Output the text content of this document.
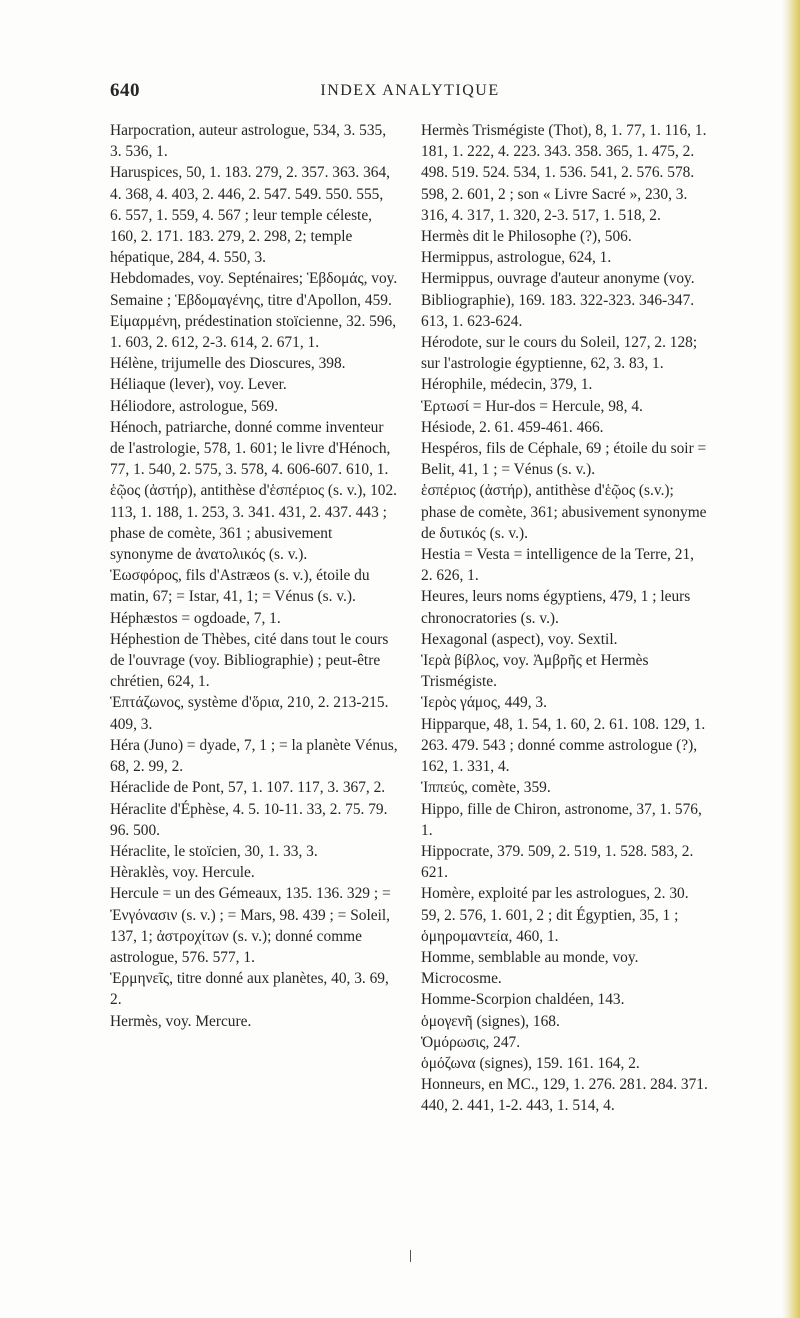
640	INDEX ANALYTIQUE

Harpocration, auteur astrologue, 534, 3. 535, 3. 536, 1.

Haruspices, 50, 1. 183. 279, 2. 357. 363. 364, 4. 368, 4. 403, 2. 446, 2. 547. 549. 550. 555, 6. 557, 1. 559, 4. 567 ; leur temple céleste, 160, 2. 171. 183. 279, 2. 298, 2; temple hépatique, 284, 4. 550, 3.

Hebdomades, voy. Septénaires; Ἑβδομάς, voy. Semaine ; Ἑβδομαγένης, titre d'Apollon, 459.

Εἱμαρμένη, prédestination stoïcienne, 32. 596, 1. 603, 2. 612, 2-3. 614, 2. 671, 1.

Hélène, trijumelle des Dioscures, 398.

Héliaque (lever), voy. Lever.

Héliodore, astrologue, 569.

Hénoch, patriarche, donné comme inventeur de l'astrologie, 578, 1. 601; le livre d'Hénoch, 77, 1. 540, 2. 575, 3. 578, 4. 606-607. 610, 1.

ἑῷος (ἀστήρ), antithèse d'ἑσπέριος (s. v.), 102. 113, 1. 188, 1. 253, 3. 341. 431, 2. 437. 443 ; phase de comète, 361 ; abusivement synonyme de ἀνατολικός (s. v.).

Ἑωσφόρος, fils d'Astræos (s. v.), étoile du matin, 67; = Istar, 41, 1; = Vénus (s. v.).

Héphæstos = ogdoade, 7, 1.

Héphestion de Thèbes, cité dans tout le cours de l'ouvrage (voy. Bibliographie) ; peut-être chrétien, 624, 1.

Ἑπτάζωνος, système d'ὅρια, 210, 2. 213-215. 409, 3.

Héra (Juno) = dyade, 7, 1 ; = la planète Vénus, 68, 2. 99, 2.

Héraclide de Pont, 57, 1. 107. 117, 3. 367, 2.

Héraclite d'Éphèse, 4. 5. 10-11. 33, 2. 75. 79. 96. 500.

Héraclite, le stoïcien, 30, 1. 33, 3.

Hèraklès, voy. Hercule.

Hercule = un des Gémeaux, 135. 136. 329 ; = Ἐνγόνασιν (s. v.) ; = Mars, 98. 439 ; = Soleil, 137, 1; ἀστροχίτων (s. v.); donné comme astrologue, 576. 577, 1.

Ἑρμηνεῖς, titre donné aux planètes, 40, 3. 69, 2.

Hermès, voy. Mercure.

Hermès Trismégiste (Thot), 8, 1. 77, 1. 116, 1. 181, 1. 222, 4. 223. 343. 358. 365, 1. 475, 2. 498. 519. 524. 534, 1. 536. 541, 2. 576. 578. 598, 2. 601, 2 ; son « Livre Sacré », 230, 3. 316, 4. 317, 1. 320, 2-3. 517, 1. 518, 2.

Hermès dit le Philosophe (?), 506.

Hermippus, astrologue, 624, 1.

Hermippus, ouvrage d'auteur anonyme (voy. Bibliographie), 169. 183. 322-323. 346-347. 613, 1. 623-624.

Hérodote, sur le cours du Soleil, 127, 2. 128; sur l'astrologie égyptienne, 62, 3. 83, 1.

Hérophile, médecin, 379, 1.

Ἑρτωσί = Hur-dos = Hercule, 98, 4.

Hésiode, 2. 61. 459-461. 466.

Hespéros, fils de Céphale, 69 ; étoile du soir = Belit, 41, 1 ; = Vénus (s. v.).

ἑσπέριος (ἀστήρ), antithèse d'ἑῷος (s.v.); phase de comète, 361; abusivement synonyme de δυτικός (s. v.).

Hestia = Vesta = intelligence de la Terre, 21, 2. 626, 1.

Heures, leurs noms égyptiens, 479, 1 ; leurs chronocratories (s. v.).

Hexagonal (aspect), voy. Sextil.

Ἱερὰ βίβλος, voy. Ἀμβρῆς et Hermès Trismégiste.

Ἱερὸς γάμος, 449, 3.

Hipparque, 48, 1. 54, 1. 60, 2. 61. 108. 129, 1. 263. 479. 543 ; donné comme astrologue (?), 162, 1. 331, 4.

Ἱππεύς, comète, 359.

Hippo, fille de Chiron, astronome, 37, 1. 576, 1.

Hippocrate, 379. 509, 2. 519, 1. 528. 583, 2. 621.

Homère, exploité par les astrologues, 2. 30. 59, 2. 576, 1. 601, 2 ; dit Égyptien, 35, 1 ; ὁμηρομαντεία, 460, 1.

Homme, semblable au monde, voy. Microcosme.

Homme-Scorpion chaldéen, 143.

ὁμογενῆ (signes), 168.

Ὁμόρωσις, 247.

ὁμόζωνα (signes), 159. 161. 164, 2.

Honneurs, en MC., 129, 1. 276. 281. 284. 371. 440, 2. 441, 1-2. 443, 1. 514, 4.
